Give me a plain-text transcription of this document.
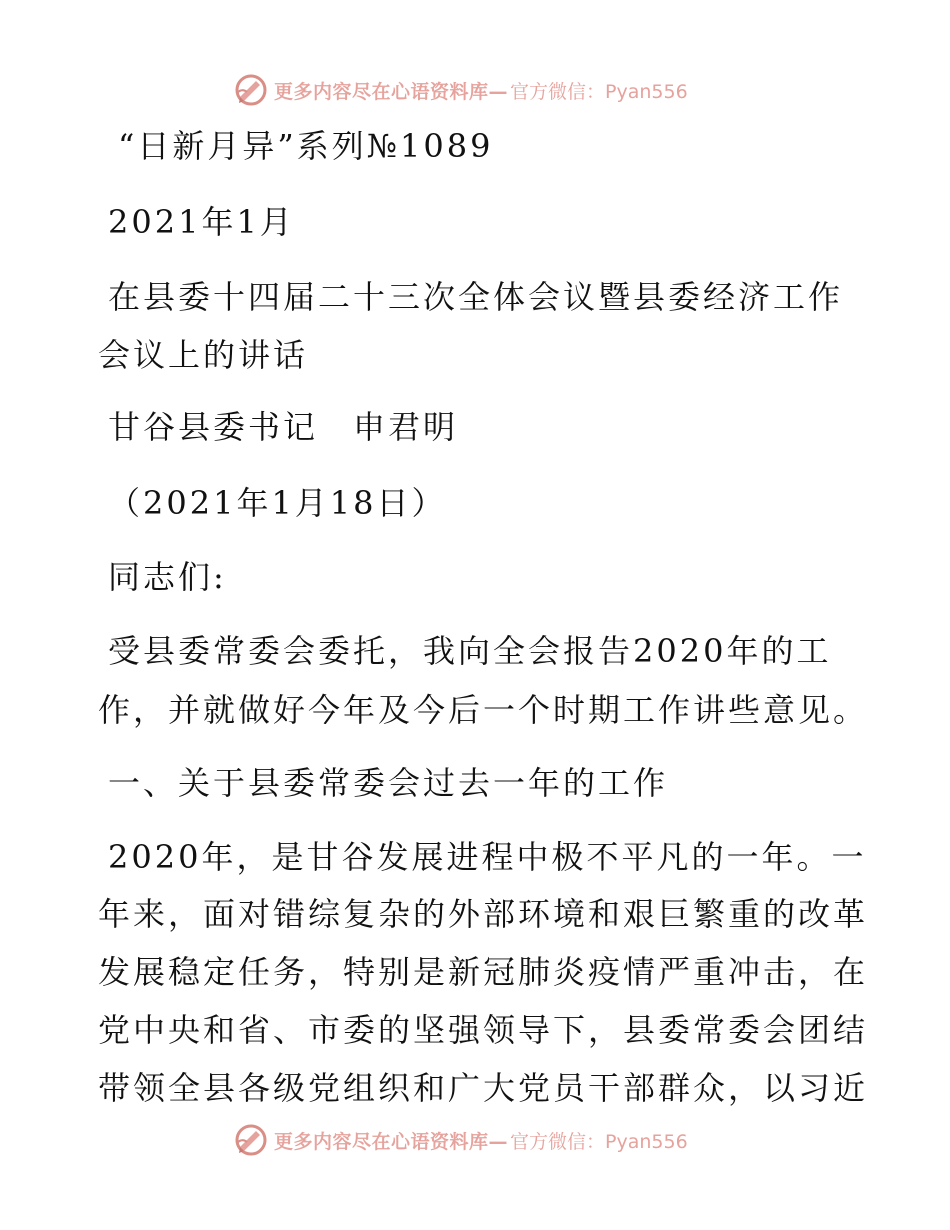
更多内容尽在心语资料库— 官方微信：Pyan556
“日新月异”系列№1089
2021年1月
在县委十四届二十三次全体会议暨县委经济工作
会议上的讲话
甘谷县委书记　申君明
（2021年1月18日）
同志们:
受县委常委会委托，我向全会报告2020年的工
作，并就做好今年及今后一个时期工作讲些意见。
一、关于县委常委会过去一年的工作
2020年，是甘谷发展进程中极不平凡的一年。一
年来，面对错综复杂的外部环境和艰巨繁重的改革
发展稳定任务，特别是新冠肺炎疫情严重冲击，在
党中央和省、市委的坚强领导下，县委常委会团结
带领全县各级党组织和广大党员干部群众，以习近
更多内容尽在心语资料库— 官方微信：Pyan556
